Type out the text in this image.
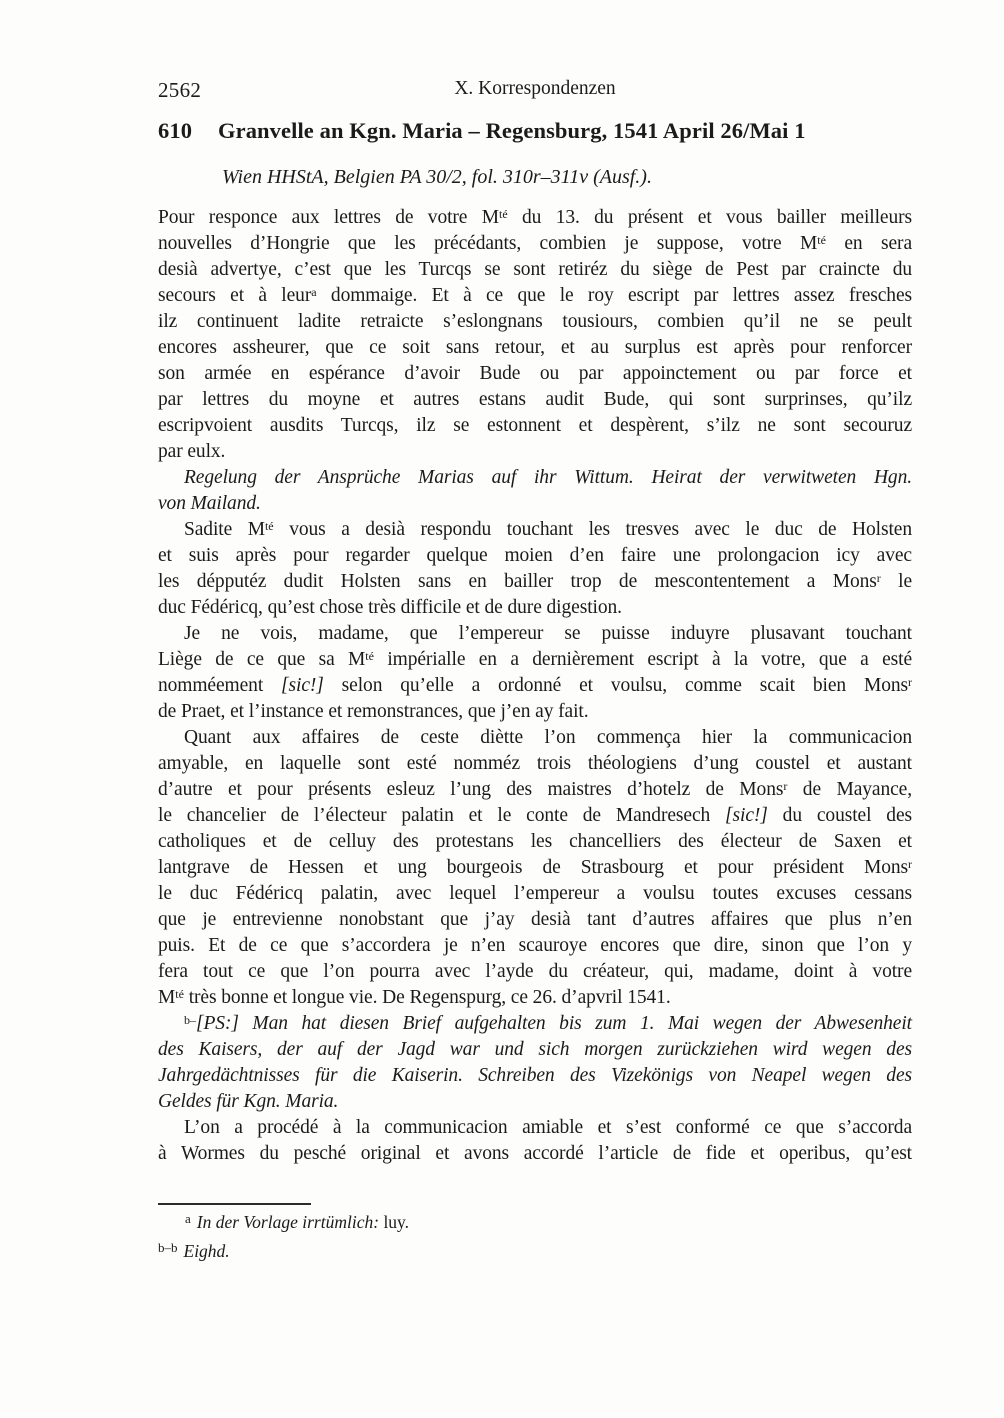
2562	X. Korrespondenzen
610 Granvelle an Kgn. Maria – Regensburg, 1541 April 26/Mai 1
Wien HHStA, Belgien PA 30/2, fol. 310r–311v (Ausf.).
Pour responce aux lettres de votre $M^{té}$ du 13. du présent et vous bailler meilleurs
nouvelles d’Hongrie que les précédants, combien je suppose, votre $M^{té}$ en sera
desià advertye, c’est que les Turcqs se sont retiréz du siège de Pest par craincte du
secours et à leur$^a$ dommaige. Et à ce que le roy escript par lettres assez fresches
ilz continuent ladite retraicte s’eslongnans tousiours, combien qu’il ne se peult
encores assheurer, que ce soit sans retour, et au surplus est après pour renforcer
son armée en espérance d’avoir Bude ou par appoinctement ou par force et
par lettres du moyne et autres estans audit Bude, qui sont surprinses, qu’ilz
escripvoient ausdits Turcqs, ilz se estonnent et despèrent, s’ilz ne sont secouruz
par eulx.
Regelung der Ansprüche Marias auf ihr Wittum. Heirat der verwitweten Hgn.
von Mailand.
Sadite $M^{té}$ vous a desià respondu touchant les tresves avec le duc de Holsten
et suis après pour regarder quelque moien d’en faire une prolongacion icy avec
les dépputéz dudit Holsten sans en bailler trop de mescontentement a Mons$^r$ le
duc Fédéricq, qu’est chose très difficile et de dure digestion.
Je ne vois, madame, que l’empereur se puisse induyre plusavant touchant
Liège de ce que sa $M^{té}$ impérialle en a dernièrement escript à la votre, que a esté
nomméement [sic!] selon qu’elle a ordonné et voulsu, comme scait bien Mons$^r$
de Praet, et l’instance et remonstrances, que j’en ay fait.
Quant aux affaires de ceste diètte l’on commença hier la communicacion
amyable, en laquelle sont esté nomméz trois théologiens d’ung coustel et austant
d’autre et pour présents esleuz l’ung des maistres d’hotelz de Mons$^r$ de Mayance,
le chancelier de l’électeur palatin et le conte de Mandresech [sic!] du coustel des
catholiques et de celluy des protestans les chancelliers des électeur de Saxen et
lantgrave de Hessen et ung bourgeois de Strasbourg et pour président Mons$^r$
le duc Fédéricq palatin, avec lequel l’empereur a voulsu toutes excuses cessans
que je entrevienne nonobstant que j’ay desià tant d’autres affaires que plus n’en
puis. Et de ce que s’accordera je n’en scauroye encores que dire, sinon que l’on y
fera tout ce que l’on pourra avec l’ayde du créateur, qui, madame, doint à votre
$M^{té}$ très bonne et longue vie. De Regenspurg, ce 26. d’apvril 1541.
$^{b-}$[PS:] Man hat diesen Brief aufgehalten bis zum 1. Mai wegen der Abwesenheit
des Kaisers, der auf der Jagd war und sich morgen zurückziehen wird wegen des
Jahrgedächtnisses für die Kaiserin. Schreiben des Vizekönigs von Neapel wegen des
Geldes für Kgn. Maria.
L’on a procédé à la communicacion amiable et s’est conformé ce que s’accorda
à Wormes du pesché original et avons accordé l’article de fide et operibus, qu’est
$^a$ In der Vorlage irrtümlich: luy.
$^{b-b}$ Eighd.
